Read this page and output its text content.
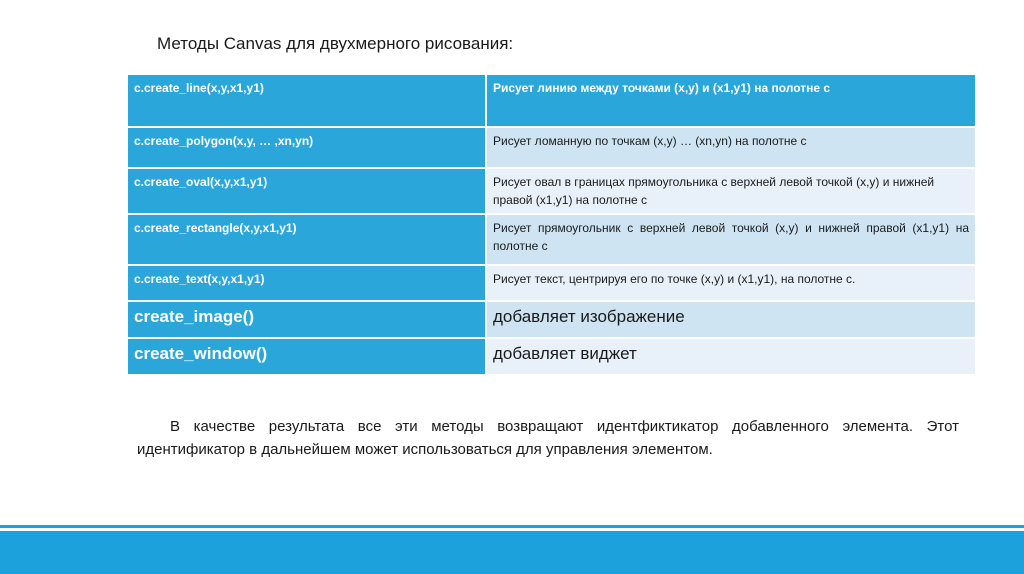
Методы Canvas для двухмерного рисования:
c.create_line(x,y,x1,y1)	Рисует линию между точками (x,y) и (x1,y1) на полотне с
c.create_polygon(x,y, … ,xn,yn)	Рисует ломанную по точкам (x,y) … (xn,yn) на полотне с
c.create_oval(x,y,x1,y1)	Рисует овал в границах прямоугольника с верхней левой точкой (x,y) и нижней правой (x1,y1) на полотне с
c.create_rectangle(x,y,x1,y1)	Рисует прямоугольник с верхней левой точкой (x,y) и нижней правой (x1,y1) на полотне с
c.create_text(x,y,x1,y1)	Рисует текст, центрируя его по точке (x,y) и (x1,y1), на полотне с.
create_image()	добавляет изображение
create_window()	добавляет виджет
В качестве результата все эти методы возвращают идентфиктикатор добавленного элемента. Этот идентификатор в дальнейшем может использоваться для управления элементом.
